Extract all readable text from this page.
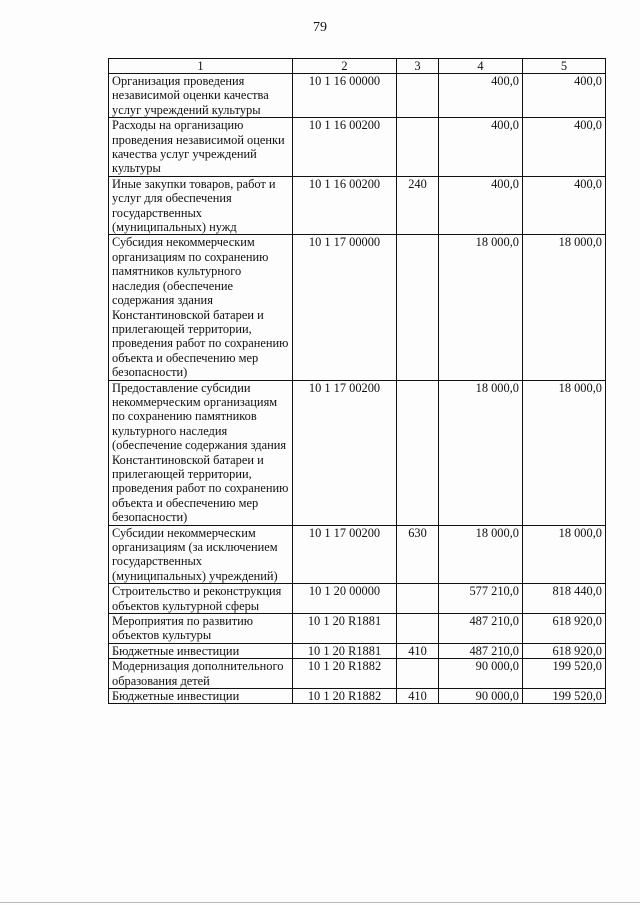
79
1	2	3	4	5
Организация проведения независимой оценки качества услуг учреждений культуры	10 1 16 00000		400,0	400,0
Расходы на организацию проведения независимой оценки качества услуг учреждений культуры	10 1 16 00200		400,0	400,0
Иные закупки товаров, работ и услуг для обеспечения государственных (муниципальных) нужд	10 1 16 00200	240	400,0	400,0
Субсидия некоммерческим организациям по сохранению памятников культурного наследия (обеспечение содержания здания Константиновской батареи и прилегающей территории, проведения работ по сохранению объекта и обеспечению мер безопасности)	10 1 17 00000		18 000,0	18 000,0
Предоставление субсидии некоммерческим организациям по сохранению памятников культурного наследия (обеспечение содержания здания Константиновской батареи и прилегающей территории, проведения работ по сохранению объекта и обеспечению мер безопасности)	10 1 17 00200		18 000,0	18 000,0
Субсидии некоммерческим организациям (за исключением государственных (муниципальных) учреждений)	10 1 17 00200	630	18 000,0	18 000,0
Строительство и реконструкция объектов культурной сферы	10 1 20 00000		577 210,0	818 440,0
Мероприятия по развитию объектов культуры	10 1 20 R1881		487 210,0	618 920,0
Бюджетные инвестиции	10 1 20 R1881	410	487 210,0	618 920,0
Модернизация дополнительного образования детей	10 1 20 R1882		90 000,0	199 520,0
Бюджетные инвестиции	10 1 20 R1882	410	90 000,0	199 520,0
